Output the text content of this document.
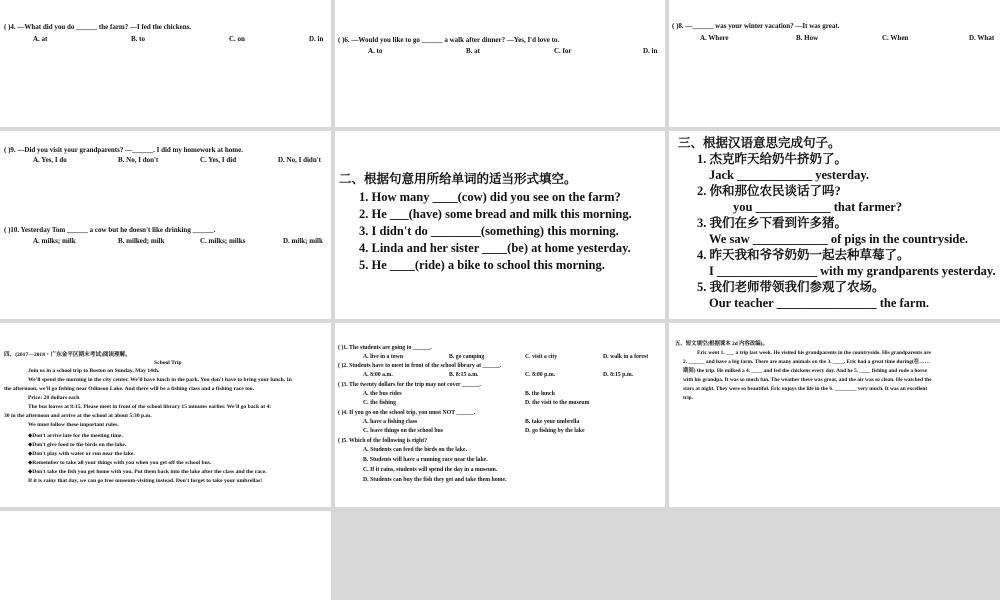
( )4. —What did you do ______ the farm? —I fed the chickens.
A. at	B. to	C. on	D. in ( )6. —Would you like to go ______ a walk after dinner? —Yes, I'd love to.
A. to	B. at	C. for	D. in
( )8. —______ was your winter vacation? —It was great.
A. Where	B. How	C. When	D. What
( )9. —Did you visit your grandparents? —______. I did my homework at home.
A. Yes, I do	B. No, I don't	C. Yes, I did	D. No, I didn't
( )10. Yesterday Tom ______ a cow but he doesn't like drinking ______.
A. milks; milk	B. milked; milk	C. milks; milks	D. milk; milk
二、根据句意用所给单词的适当形式填空。
1. How many ____(cow) did you see on the farm?
2. He ___(have) some bread and milk this morning.
3. I didn't do ________(something) this morning.
4. Linda and her sister ____(be) at home yesterday.
5. He ____(ride) a bike to school this morning.
三、根据汉语意思完成句子。
1. 杰克昨天给奶牛挤奶了。
Jack ____________ yesterday.
2. 你和那位农民谈话了吗?
you ____________ that farmer?
3. 我们在乡下看到许多猪。
We saw ____________ of pigs in the countryside.
4. 昨天我和爷爷奶奶一起去种草莓了。
I ________________ with my grandparents yesterday.
5. 我们老师带领我们参观了农场。
Our teacher ________________ the farm.
四、(2017—2018・广东金平区期末考试)阅读理解。
School Trip
Join us in a school trip to Boston on Sunday, May 14th.
We'll spend the morning in the city center. We'll have lunch in the park. You don't have to bring your lunch. In
the afternoon, we'll go fishing near Odinson Lake. And there will be a fishing class and a fishing race too.
Price: 20 dollars each
The bus leaves at 8:15. Please meet in front of the school library 15 minutes earlier. We'll go back at 4:
30 in the afternoon and arrive at the school at about 5:30 p.m.
We must follow these important rules.
◆Don't arrive late for the meeting time.
◆Don't give food to the birds on the lake.
◆Don't play with water or run near the lake.
◆Remember to take all your things with you when you get off the school bus.
◆Don't take the fish you get home with you. Put them back into the lake after the class and the race.
If it is rainy that day, we can go free museum-visiting instead. Don't forget to take your umbrellas!
( )1. The students are going to ______.
A. live in a town	B. go camping	C. visit a city	D. walk in a forest
( )2. Students have to meet in front of the school library at ______.
A. 8:00 a.m.	B. 8:15 a.m.	C. 8:00 p.m.	D. 8:15 p.m.
( )3. The twenty dollars for the trip may not cover ______.
A. the bus rides	B. the lunch
C. the fishing	D. the visit to the museum
( )4. If you go on the school trip, you must NOT ______.
A. have a fishing class	B. take your umbrella
C. leave things on the school bus	D. go fishing by the lake
( )5. Which of the following is right?
A. Students can feed the birds on the lake.
B. Students will have a running race near the lake.
C. If it rains, students will spend the day in a museum.
D. Students can buy the fish they get and take them home.
五、短文填空(根据课本 2d 内容改编)。
Eric went 1. ___ a trip last week. He visited his grandparents in the countryside. His grandparents are
2. ______ and have a big farm. There are many animals on the 3. ____. Eric had a great time during(在……
期间) the trip. He milked a 4. ____ and fed the chickens every day. And he 5. ____ fishing and rode a horse
with his grandpa. It was so much fun. The weather there was great, and the air was so clean. He watched the
stars at night. They were so beautiful. Eric enjoys the life in the 6. ________ very much. It was an excellent
trip.
